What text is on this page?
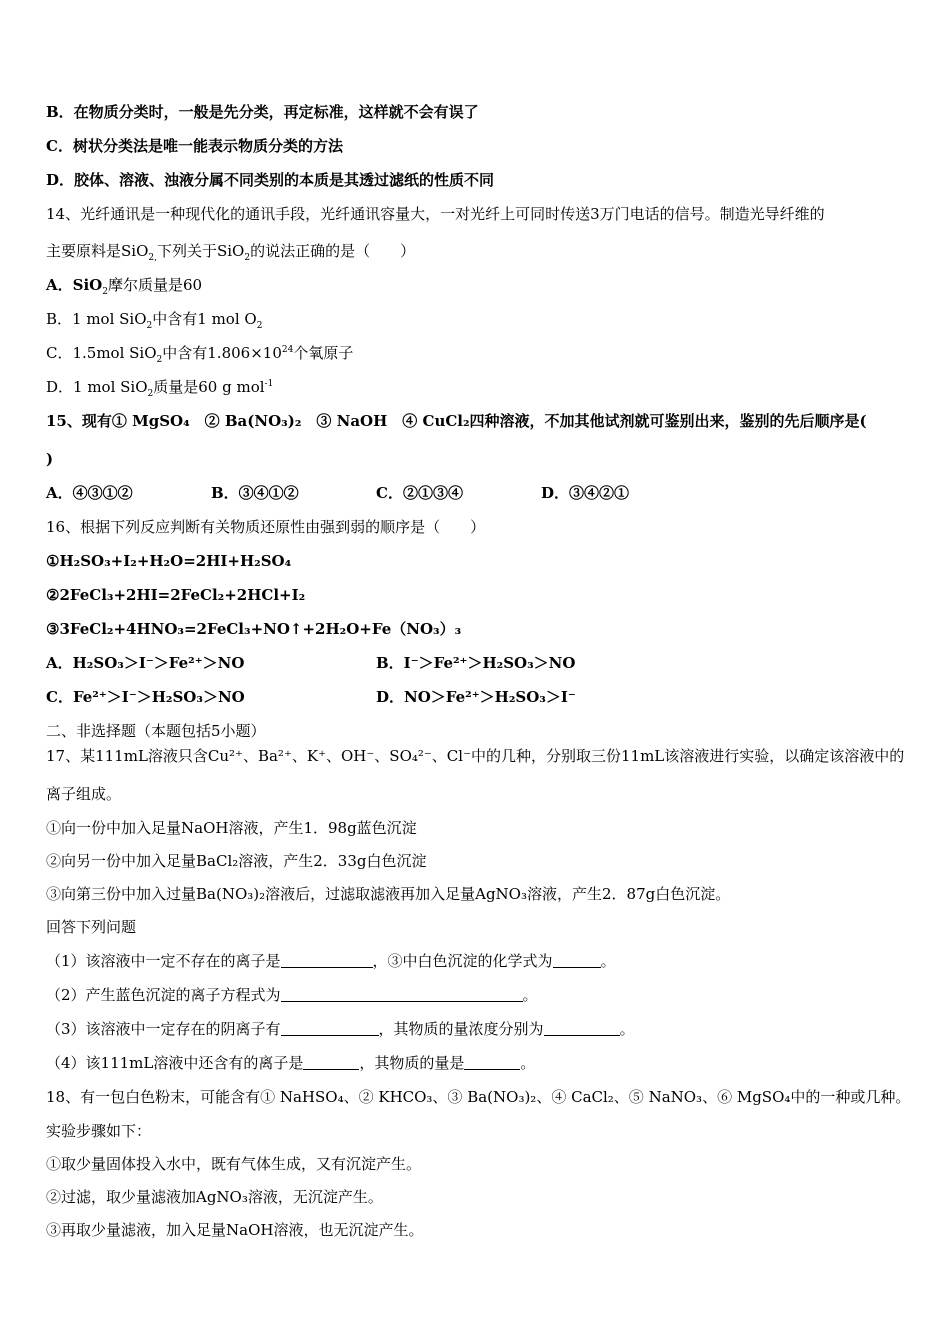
B．在物质分类时，一般是先分类，再定标准，这样就不会有误了
C．树状分类法是唯一能表示物质分类的方法
D．胶体、溶液、浊液分属不同类别的本质是其透过滤纸的性质不同
14、光纤通讯是一种现代化的通讯手段，光纤通讯容量大，一对光纤上可同时传送3万门电话的信号。制造光导纤维的
主要原料是SiO$_{2,}$下列关于SiO$_2$的说法正确的是（　　）
A．SiO$_2$摩尔质量是60
B．1 mol SiO$_2$中含有1 mol $O_2$
C．1.5mol SiO$_2$中含有$1.806\times 10^{24}$个氧原子
D．1 mol SiO$_2$质量是60 g mol$^{-1}$
15、现有① MgSO₄　② Ba(NO₃)₂　③ NaOH　④ CuCl₂四种溶液，不加其他试剂就可鉴别出来，鉴别的先后顺序是(
)
A．④③①②	B．③④①②	C．②①③④	D．③④②①
16、根据下列反应判断有关物质还原性由强到弱的顺序是（　　）
①H₂SO₃+I₂+H₂O=2HI+H₂SO₄
②2FeCl₃+2HI=2FeCl₂+2HCl+I₂
③3FeCl₂+4HNO₃=2FeCl₃+NO↑+2H₂O+Fe（NO₃）₃
A．H₂SO₃＞I⁻＞Fe²⁺＞NO	B．I⁻＞Fe²⁺＞H₂SO₃＞NO
C．Fe²⁺＞I⁻＞H₂SO₃＞NO	D．NO＞Fe²⁺＞H₂SO₃＞I⁻
二、非选择题（本题包括5小题）
17、某111mL溶液只含Cu²⁺、Ba²⁺、K⁺、OH⁻、SO₄²⁻、Cl⁻中的几种，分别取三份11mL该溶液进行实验，以确定该溶液中的
离子组成。
①向一份中加入足量NaOH溶液，产生1．98g蓝色沉淀
②向另一份中加入足量BaCl₂溶液，产生2．33g白色沉淀
③向第三份中加入过量Ba(NO₃)₂溶液后，过滤取滤液再加入足量AgNO₃溶液，产生2．87g白色沉淀。
回答下列问题
（1）该溶液中一定不存在的离子是	，③中白色沉淀的化学式为	。
（2）产生蓝色沉淀的离子方程式为	。
（3）该溶液中一定存在的阴离子有	，其物质的量浓度分别为	。
（4）该111mL溶液中还含有的离子是	，其物质的量是	。
18、有一包白色粉末，可能含有① NaHSO₄、② KHCO₃、③ Ba(NO₃)₂、④ CaCl₂、⑤ NaNO₃、⑥ MgSO₄中的一种或几种。
实验步骤如下：
①取少量固体投入水中，既有气体生成，又有沉淀产生。
②过滤，取少量滤液加AgNO₃溶液，无沉淀产生。
③再取少量滤液，加入足量NaOH溶液，也无沉淀产生。
